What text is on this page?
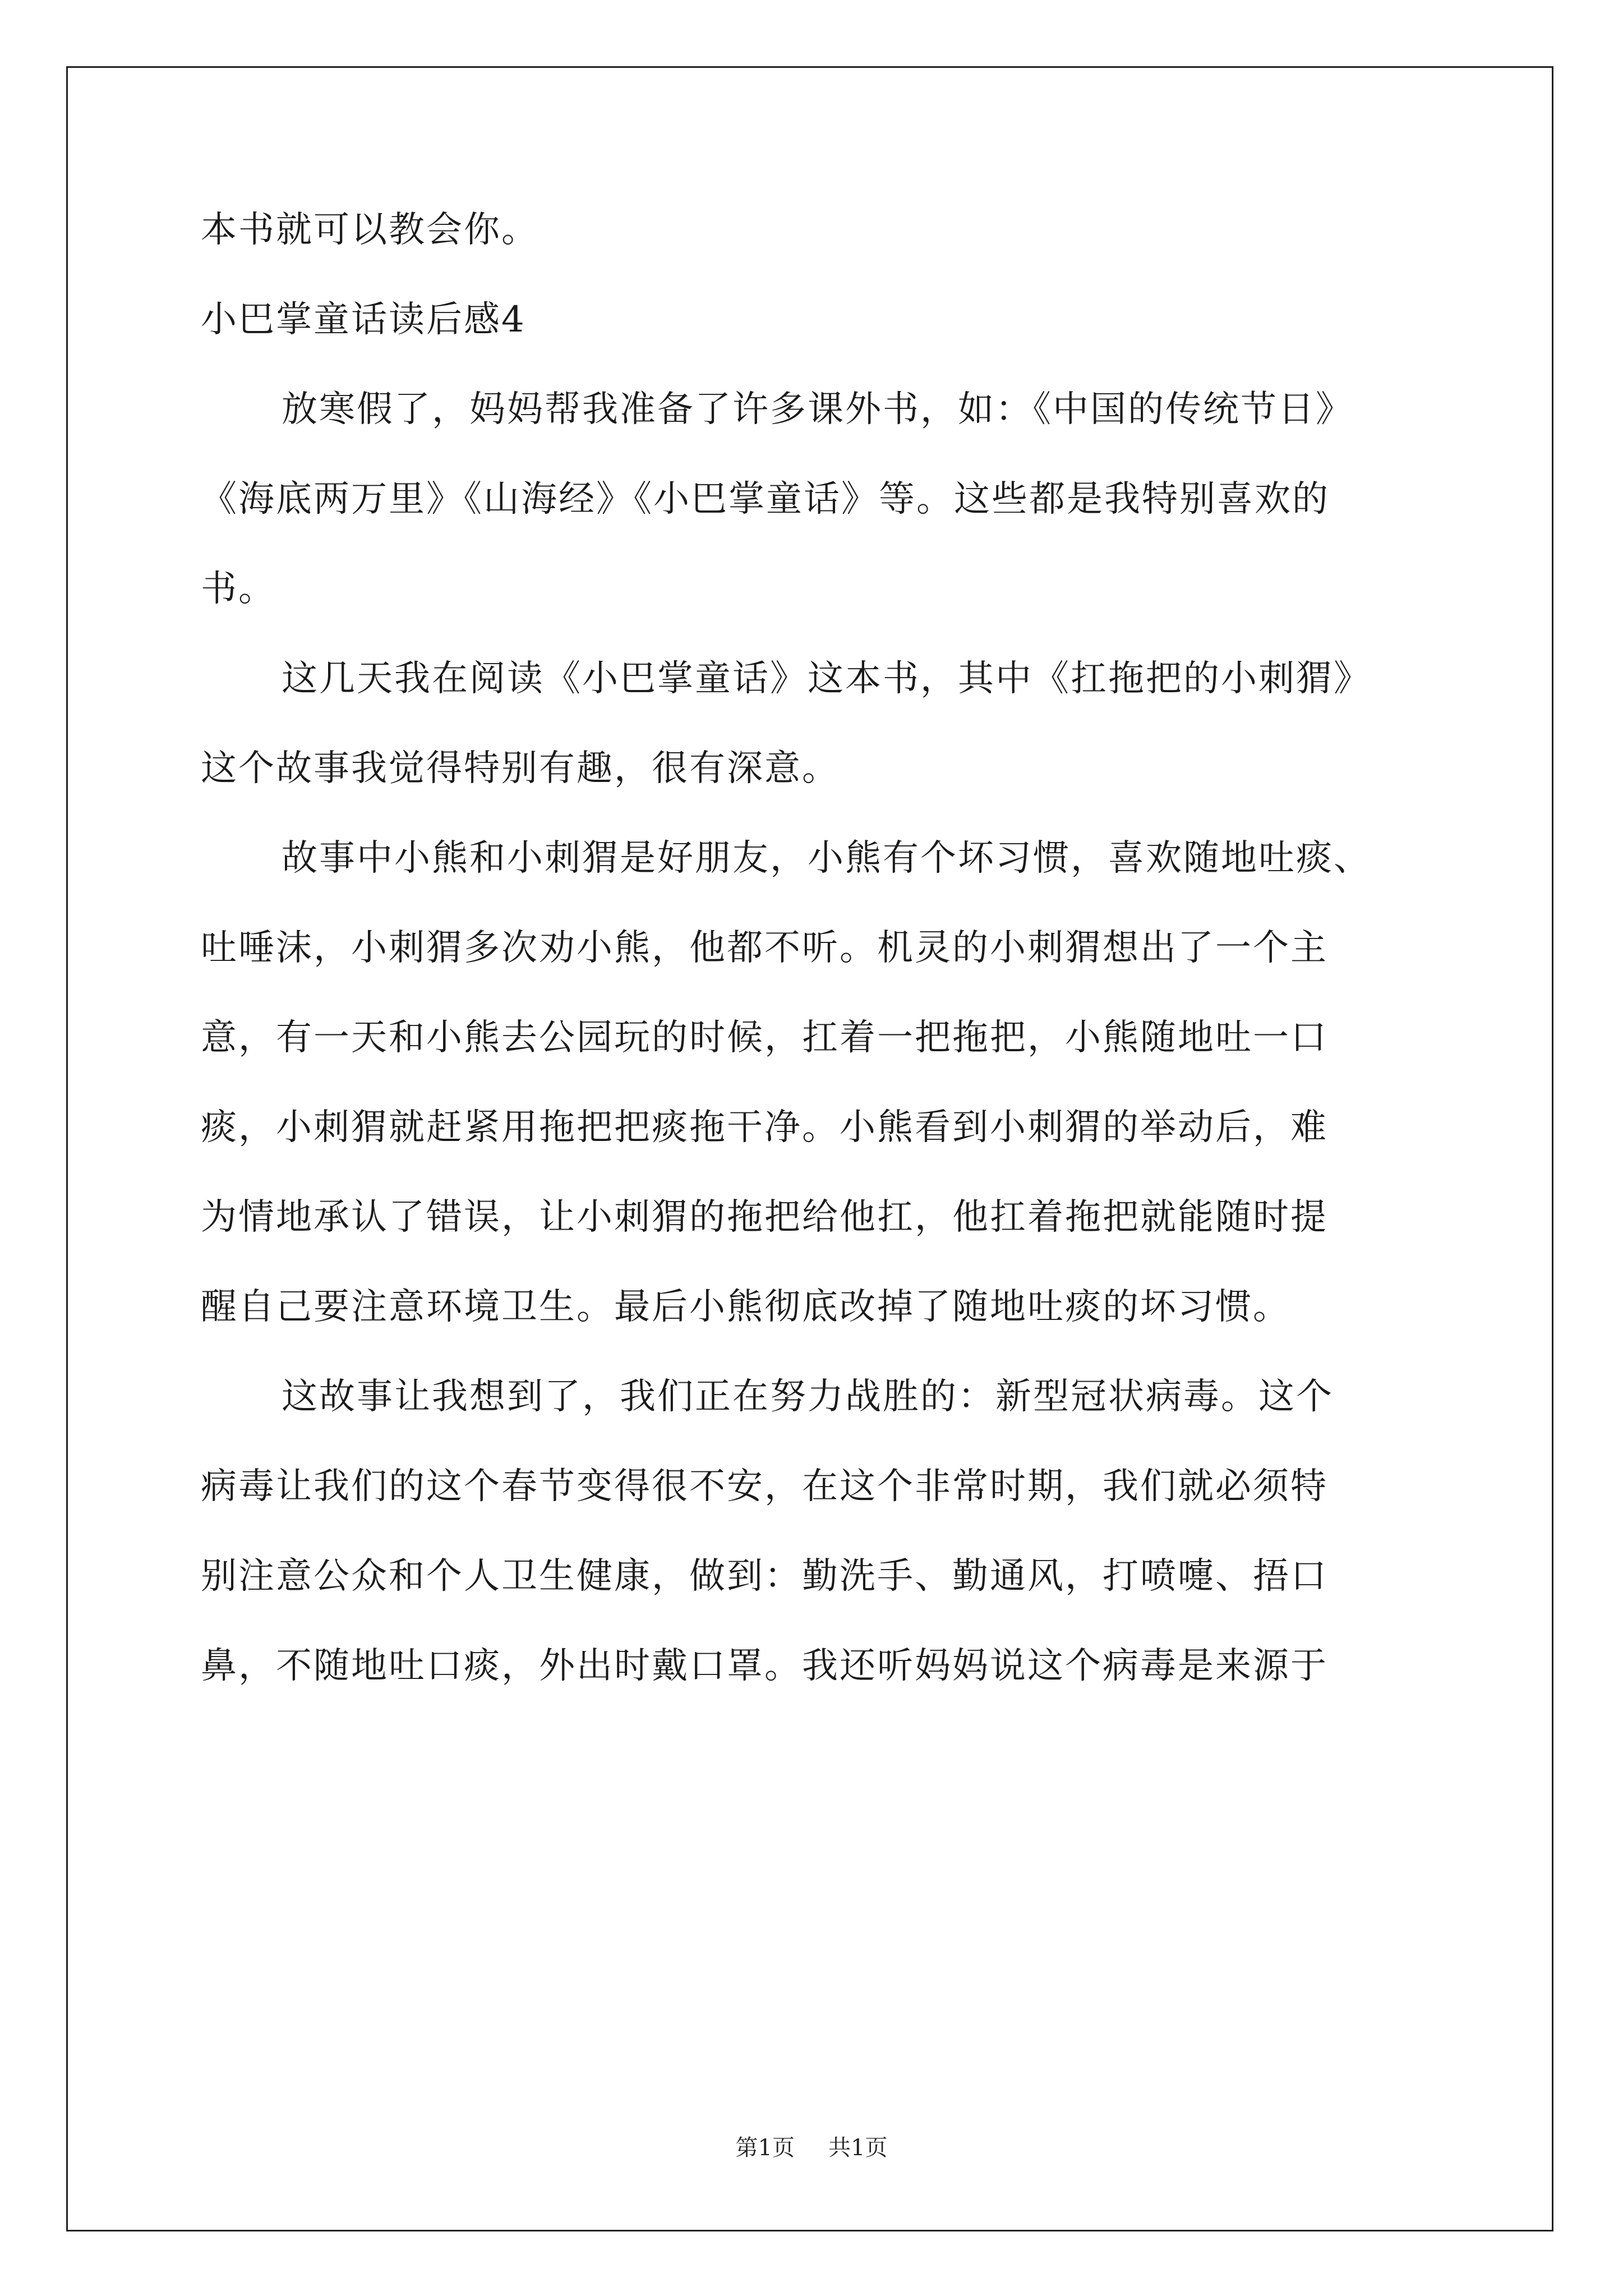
本书就可以教会你。
小巴掌童话读后感4
放寒假了，妈妈帮我准备了许多课外书，如：《中国的传统节日》
《海底两万里》《山海经》《小巴掌童话》等。这些都是我特别喜欢的
书。
这几天我在阅读《小巴掌童话》这本书，其中《扛拖把的小刺猬》
这个故事我觉得特别有趣，很有深意。
故事中小熊和小刺猬是好朋友，小熊有个坏习惯，喜欢随地吐痰、
吐唾沫，小刺猬多次劝小熊，他都不听。机灵的小刺猬想出了一个主
意，有一天和小熊去公园玩的时候，扛着一把拖把，小熊随地吐一口
痰，小刺猬就赶紧用拖把把痰拖干净。小熊看到小刺猬的举动后，难
为情地承认了错误，让小刺猬的拖把给他扛，他扛着拖把就能随时提
醒自己要注意环境卫生。最后小熊彻底改掉了随地吐痰的坏习惯。
这故事让我想到了，我们正在努力战胜的：新型冠状病毒。这个
病毒让我们的这个春节变得很不安，在这个非常时期，我们就必须特
别注意公众和个人卫生健康，做到：勤洗手、勤通风，打喷嚏、捂口
鼻，不随地吐口痰，外出时戴口罩。我还听妈妈说这个病毒是来源于
第1页 共1页
